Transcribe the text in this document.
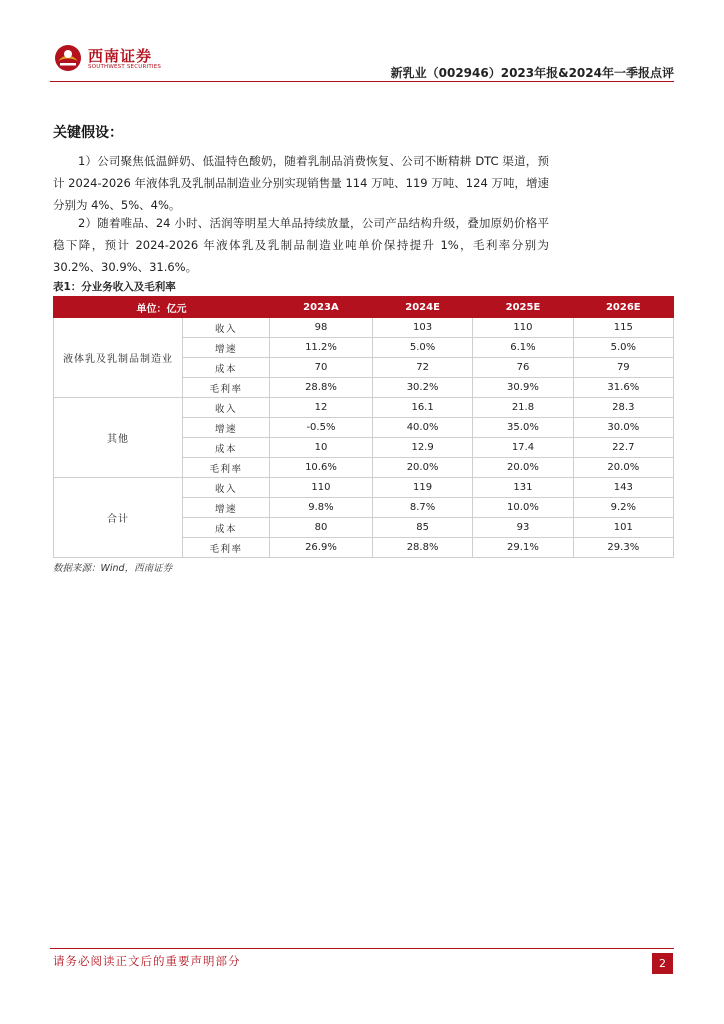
西南证券
SOUTHWEST SECURITIES	新乳业（002946）2023年报&2024年一季报点评
关键假设：

1）公司聚焦低温鲜奶、低温特色酸奶，随着乳制品消费恢复、公司不断精耕 DTC 渠道，预计 2024-2026 年液体乳及乳制品制造业分别实现销售量 114 万吨、119 万吨、124 万吨，增速分别为 4%、5%、4%。

2）随着唯品、24 小时、活润等明星大单品持续放量，公司产品结构升级，叠加原奶价格平稳下降，预计 2024-2026 年液体乳及乳制品制造业吨单价保持提升 1%，毛利率分别为 30.2%、30.9%、31.6%。

表1：分业务收入及毛利率
单位：亿元		2023A	2024E	2025E	2026E
液体乳及乳制品制造业	收入	98	103	110	115
	增速	11.2%	5.0%	6.1%	5.0%
	成本	70	72	76	79
	毛利率	28.8%	30.2%	30.9%	31.6%
其他	收入	12	16.1	21.8	28.3
	增速	-0.5%	40.0%	35.0%	30.0%
	成本	10	12.9	17.4	22.7
	毛利率	10.6%	20.0%	20.0%	20.0%
合计	收入	110	119	131	143
	增速	9.8%	8.7%	10.0%	9.2%
	成本	80	85	93	101
	毛利率	26.9%	28.8%	29.1%	29.3%
数据来源：Wind，西南证券
请务必阅读正文后的重要声明部分	2
